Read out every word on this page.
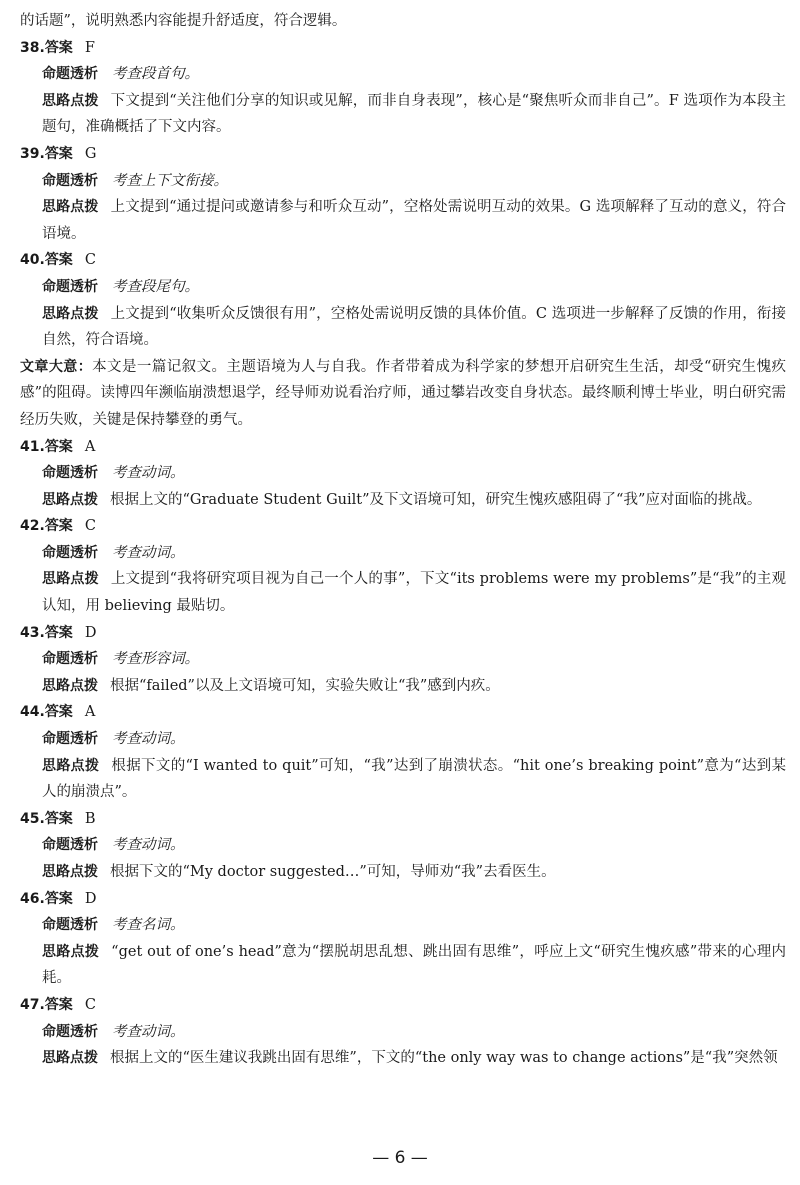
的话题”，说明熟悉内容能提升舒适度，符合逻辑。

38.答案 F

命题透析 考查段首句。

思路点拨 下文提到“关注他们分享的知识或见解，而非自身表现”，核心是“聚焦听众而非自己”。F 选项作为本段主题句，准确概括了下文内容。

39.答案 G

命题透析 考查上下文衔接。

思路点拨 上文提到“通过提问或邀请参与和听众互动”，空格处需说明互动的效果。G 选项解释了互动的意义，符合语境。

40.答案 C

命题透析 考查段尾句。

思路点拨 上文提到“收集听众反馈很有用”，空格处需说明反馈的具体价值。C 选项进一步解释了反馈的作用，衔接自然，符合语境。

文章大意：本文是一篇记叙文。主题语境为人与自我。作者带着成为科学家的梦想开启研究生生活，却受“研究生愧疚感”的阻碍。读博四年濒临崩溃想退学，经导师劝说看治疗师，通过攀岩改变自身状态。最终顺利博士毕业，明白研究需经历失败，关键是保持攀登的勇气。

41.答案 A

命题透析 考查动词。

思路点拨 根据上文的“Graduate Student Guilt”及下文语境可知，研究生愧疚感阻碍了“我”应对面临的挑战。

42.答案 C

命题透析 考查动词。

思路点拨 上文提到“我将研究项目视为自己一个人的事”，下文“its problems were my problems”是“我”的主观认知，用 believing 最贴切。

43.答案 D

命题透析 考查形容词。

思路点拨 根据“failed”以及上文语境可知，实验失败让“我”感到内疚。

44.答案 A

命题透析 考查动词。

思路点拨 根据下文的“I wanted to quit”可知，“我”达到了崩溃状态。“hit one’s breaking point”意为“达到某人的崩溃点”。

45.答案 B

命题透析 考查动词。

思路点拨 根据下文的“My doctor suggested…”可知，导师劝“我”去看医生。

46.答案 D

命题透析 考查名词。

思路点拨 “get out of one’s head”意为“摆脱胡思乱想、跳出固有思维”，呼应上文“研究生愧疚感”带来的心理内耗。

47.答案 C

命题透析 考查动词。

思路点拨 根据上文的“医生建议我跳出固有思维”，下文的“the only way was to change actions”是“我”突然领

— 6 —
